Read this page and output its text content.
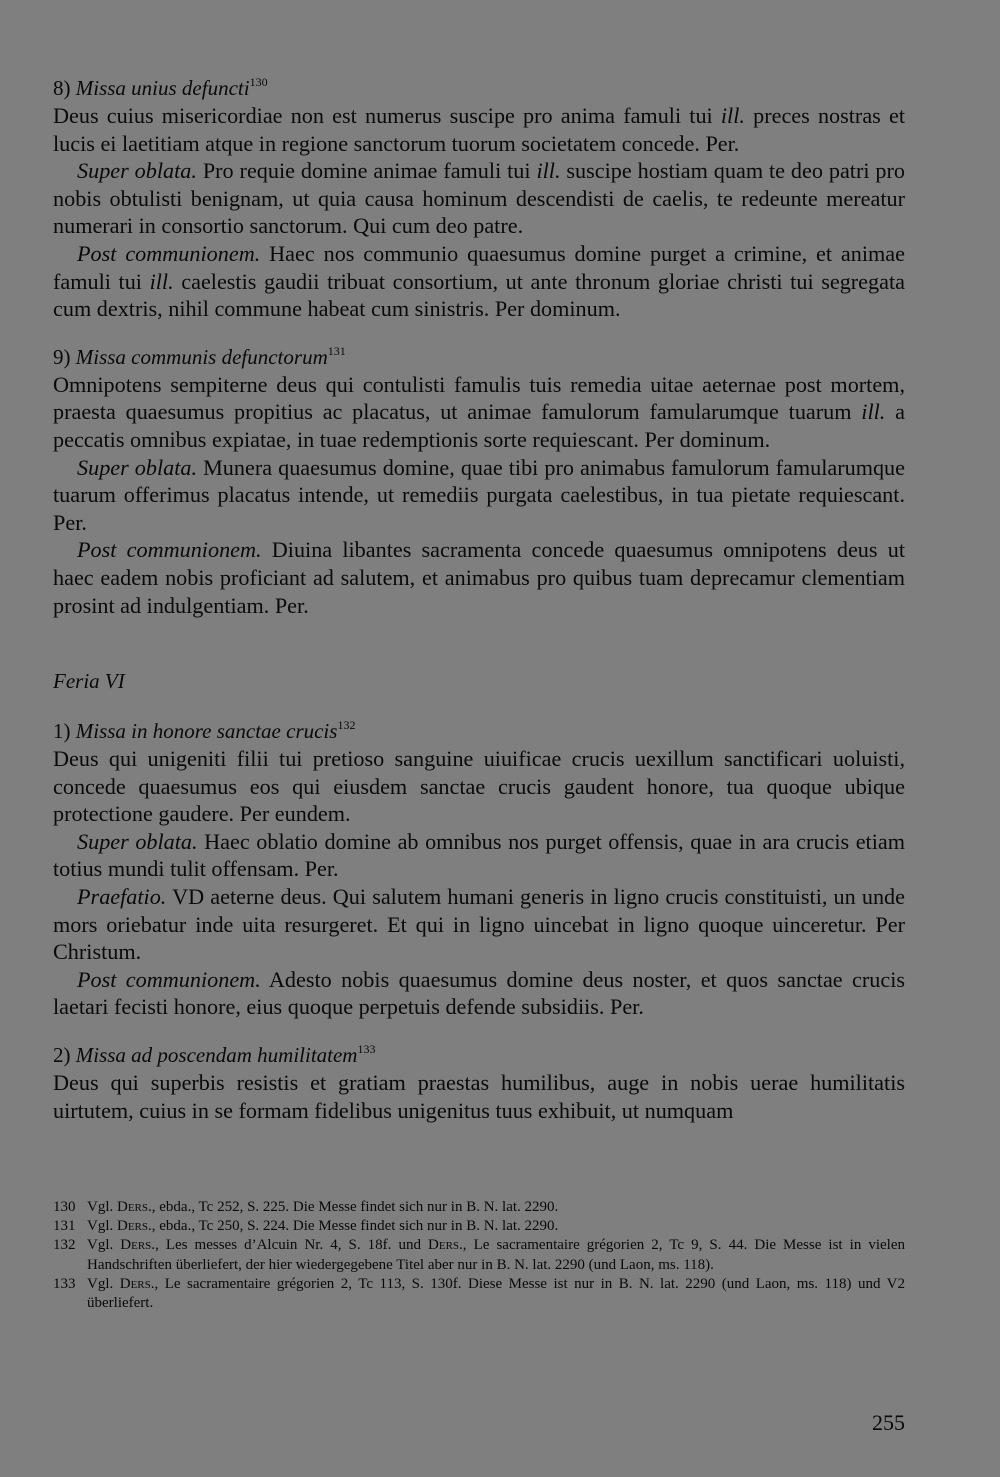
8) Missa unius defuncti$^{130}$

Deus cuius misericordiae non est numerus suscipe pro anima famuli tui ill. preces nostras et lucis ei laetitiam atque in regione sanctorum tuorum societatem concede. Per.

Super oblata. Pro requie domine animae famuli tui ill. suscipe hostiam quam te deo patri pro nobis obtulisti benignam, ut quia causa hominum descendisti de caelis, te redeunte mereatur numerari in consortio sanctorum. Qui cum deo patre.

Post communionem. Haec nos communio quaesumus domine purget a crimine, et animae famuli tui ill. caelestis gaudii tribuat consortium, ut ante thronum gloriae christi tui segregata cum dextris, nihil commune habeat cum sinistris. Per dominum.

9) Missa communis defunctorum$^{131}$

Omnipotens sempiterne deus qui contulisti famulis tuis remedia uitae aeternae post mortem, praesta quaesumus propitius ac placatus, ut animae famulorum famularumque tuarum ill. a peccatis omnibus expiatae, in tuae redemptionis sorte requiescant. Per dominum.

Super oblata. Munera quaesumus domine, quae tibi pro animabus famulorum famularumque tuarum offerimus placatus intende, ut remediis purgata caelestibus, in tua pietate requiescant. Per.

Post communionem. Diuina libantes sacramenta concede quaesumus omnipotens deus ut haec eadem nobis proficiant ad salutem, et animabus pro quibus tuam deprecamur clementiam prosint ad indulgentiam. Per.

Feria VI
1) Missa in honore sanctae crucis$^{132}$

Deus qui unigeniti filii tui pretioso sanguine uiuificae crucis uexillum sanctificari uoluisti, concede quaesumus eos qui eiusdem sanctae crucis gaudent honore, tua quoque ubique protectione gaudere. Per eundem.

Super oblata. Haec oblatio domine ab omnibus nos purget offensis, quae in ara crucis etiam totius mundi tulit offensam. Per.

Praefatio. VD aeterne deus. Qui salutem humani generis in ligno crucis constituisti, un unde mors oriebatur inde uita resurgeret. Et qui in ligno uincebat in ligno quoque uinceretur. Per Christum.

Post communionem. Adesto nobis quaesumus domine deus noster, et quos sanctae crucis laetari fecisti honore, eius quoque perpetuis defende subsidiis. Per.

2) Missa ad poscendam humilitatem$^{133}$

Deus qui superbis resistis et gratiam praestas humilibus, auge in nobis uerae humilitatis uirtutem, cuius in se formam fidelibus unigenitus tuus exhibuit, ut numquam

130 Vgl. Ders., ebda., Tc 252, S. 225. Die Messe findet sich nur in B. N. lat. 2290.
131 Vgl. Ders., ebda., Tc 250, S. 224. Die Messe findet sich nur in B. N. lat. 2290.
132 Vgl. Ders., Les messes d’Alcuin Nr. 4, S. 18f. und Ders., Le sacramentaire grégorien 2, Tc 9, S. 44. Die Messe ist in vielen Handschriften überliefert, der hier wiedergegebene Titel aber nur in B. N. lat. 2290 (und Laon, ms. 118).
133 Vgl. Ders., Le sacramentaire grégorien 2, Tc 113, S. 130f. Diese Messe ist nur in B. N. lat. 2290 (und Laon, ms. 118) und V2 überliefert.
255
